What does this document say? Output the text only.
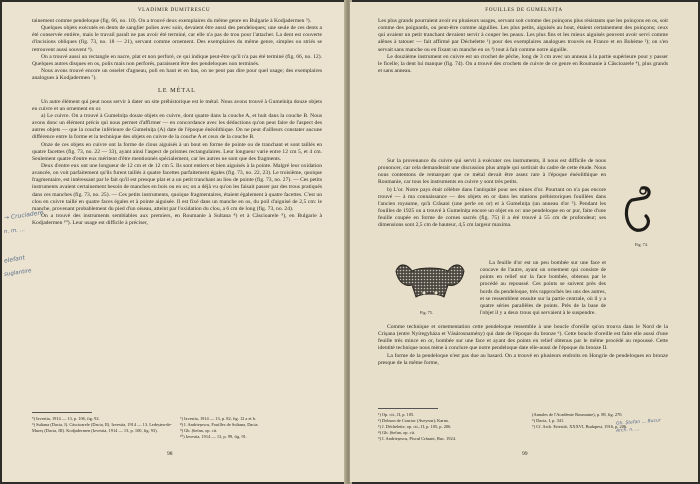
VLADIMIR DUMITRESCU

tainement comme pendeloque (fig. 66, no. 10). On a trouvé deux exemplaires du même genre en Bulgarie à Kodjadermen ⁵).

Quelques objets exécutés en dents de sanglier polies avec soin, devaient être aussi des pendeloques; une seule de ces dents a été conservée entière, mais le travail paraît ne pas avoir été terminé, car elle n'a pas de trou pour l'attacher. La dent est couverte d'incisions obliques (fig. 73, no. 18 — 21), servant comme ornement. Des exemplaires du même genre, simples ou striés se retrouvent aussi souvent ⁶).

On a trouvé aussi un rectangle en nacre, plat et non perforé, ce qui indique peut-être qu'il n'a pas été terminé (fig. 66, no. 12). Quelques autres disques en os, polis mais non perforés, paraissent être des pendeloques non terminés.

Nous avons trouvé encore un osselet d'agneau, poli en haut et en bas, on ne peut pas dire pour quel usage; des exemplaires analogues à Kodjadermen ⁷).

LE MÉTAL

Un autre élément qui peut nous servir à dater un site préhistorique est le métal. Nous avons trouvé à Gumelnița douze objets en cuivre et un ornement en or.

a) Le cuivre. On a trouvé à Gumelnița douze objets en cuivre, dont quatre dans la couche A, et huit dans la couche B. Nous avons donc un élément précis qui nous permet d'affirmer — en concordance avec les déductions qu'on peut faire de l'aspect des autres objets — que la couche inférieure de Gumelnița (A) date de l'époque énéolithique. On ne peut d'ailleurs constater aucune différence entre la forme et la technique des objets en cuivre de la couche A et ceux de la couche B.

Onze de ces objets en cuivre ont la forme de clous aiguisés à un bout en forme de pointe ou de tranchant et sont taillés en quatre facettes (fig. 73, no. 22 — 33), ayant ainsi l'aspect de prismes rectangulaires. Leur longueur varie entre 12 cm 5, et 4 cm. Seulement quatre d'entre eux méritent d'être mentionnés spécialement, car les autres ne sont que des fragments.

Deux d'entre eux ont une longueur de 12 cm et de 12 cm 5. Ils sont entiers et bien aiguisés à la pointe. Malgré leur oxidation avancée, on voit parfaitement qu'ils furent taillés à quatre facettes parfaitement égales (fig. 73, no. 22, 23). Le troisième, quoique fragmentaire, est intéressant par le fait qu'il est presque plat et a un petit tranchant au lieu de pointe (fig. 73, no. 27). — Ces petits instruments avaient certainement besoin de manches en bois ou en os; on a déjà vu qu'on les faisait passer par des trous pratiqués dans ces manches (fig. 73, no. 25). — Ces petits instruments, quoique fragmentaires, étaient également à quatre facettes. C'est un clou en cuivre taillé en quatre faces égales et à pointe aiguisée. Il est fixé dans un manche en os, du poil d'aiguisé de 2,5 cm: le manche, provenant probablement du pied d'un oiseau, atteint par l'oxidation du clou, a 6 cm de long (fig. 73, no. 24).

On a trouvé des instruments semblables aux premiers, en Roumanie à Sultana ⁸) et à Căscioarele ⁹), en Bulgarie à Kodjadermen ¹⁰). Leur usage est difficile à préciser,

⁵) Izvestia, 1914 — 13, p. 106, fig. 92.
⁶) Sultana (Dacia, I). Căscioarele (Dacia, II). Izvestia, 1914 — 13. Ledeștea-de-Mureș (Dacia, III). Kodjadermen (Izvestia, 1914 — 13, p. 100, fig. 93).
⁷) Izvestia, 1914 — 13, p. 82, fig. 12 a et b.
⁸) I. Andrieșescu, Fouilles de Sultana, Dacia.
⁹) Gh. Ștefan, op. cit.
¹⁰) Izvestia, 1914 — 13, p. 99, fig. 91.
98
→ Cruciadere
n. m. ...
elefant
suglantire
FOUILLES DE GUMELNIȚA

Les plus grands pourraient avoir eu plusieurs usages, servant soit comme des poinçons plus résistants que les poinçons en os, soit comme des poignards, ou peut-être comme aiguilles. Les plus petits, aiguisés au bout, étaient certainement des poinçons; ceux qui avaient un petit tranchant devaient servir à couper les peaux. Les plus fins et les mieux aiguisés peuvent avoir servi comme alênes à tatouer — fait affirmé par Déchelette ¹) pour des exemplaires analogues trouvés en France et en Bohème ²); on s'en servait sans manche ou en fixant un manche en os ³) tout à fait comme notre aiguille.

Le douzième instrument en cuivre est un crochet de pêche, long de 3 cm avec un anneau à la partie supérieure pour y passer le ficelle; la dent lui manque (fig. 74). On a trouvé des crochets de cuivre de ce genre en Roumanie à Căscioarele ⁴), plus grands et sans anneau.

Sur la provenance du cuivre qui servit à exécuter ces instruments, il nous est difficile de nous prononcer, car cela demanderait une discussion plus ample qui sortirait du cadre de cette étude. Nous nous contentons de remarquer que ce métal devait être assez rare à l'époque énéolithique en Roumanie, car tous les instruments en cuivre y sont très petits.

b) L'or. Notre pays était célèbre dans l'antiquité pour ses mines d'or. Pourtant on n'a pas encore trouvé — à ma connaissance — des objets en or dans les stations préhistoriques fouillées dans l'ancien royaume, qu'à Crăsani (une perle en or) et à Gumelnița (un anneau d'or ⁵). Pendant les fouilles de 1925 on a trouvé à Gumelnița encore un objet en or: une pendeloque en or pur, faite d'une feuille coupée en forme de cornes sacrés (fig. 75) il a été trouvé à 55 cm de profondeur; ses dimensions sont 2,5 cm de hauteur, 4,5 cm largeur maxima.

La feuille d'or est un peu bombée sur une face et concave de l'autre, ayant un ornement qui consiste de points en relief sur la face bombée, obtenus par le procédé au repoussé. Ces points se suivent près des bords du pendeloque, très rapprochés les uns des autres, et se ressemblent ensuite sur la partie centrale, où il y a quatre séries parallèles de points. Près de la base de l'objet il y a deux trous qui servaient à le suspendre.

Comme technique et ornementation cette pendeloque ressemble à une boucle d'oreille qu'on trouva dans le Nord de la Crișana (entre Nyíregyháza et Vásárosnamény) qui date de l'époque du bronze ⁶). Cette boucle d'oreille est faite elle aussi d'une feuille très mince en or, bombée sur une face et ayant des points en relief obtenus par le même procédé au repoussé. Cette identité technique nous mène à conclure que notre pendeloque date elle-aussi de l'époque du bronze II.

La forme de la pendeloque n'est pas due au hasard. On a trouvé en plusieurs endroits en Hongrie de pendeloques en bronze presque de la même forme,

Fig. 74.
Fig. 75.
¹) Op. cit., II, p. 105.
²) Dobson de Courtac (Aveyron); Karno.
³) J. Déchelette, op. cit., II, p. 105, p. 206.
⁴) Gh. Ștefan, op. cit.
⁵) I. Andrieșescu, Piscul Crăsani, Buc. 1924.
(Annales de l'Académie Roumaine), p. 88, fig. 270.
⁶) Dacia, I, p. 341.
⁷) Cf. Arch. Ertesitö, XXXVI, Budapest, 1916, p. 206.
99
Gh. Ștefan ... Bucur
Arch. n. ...
